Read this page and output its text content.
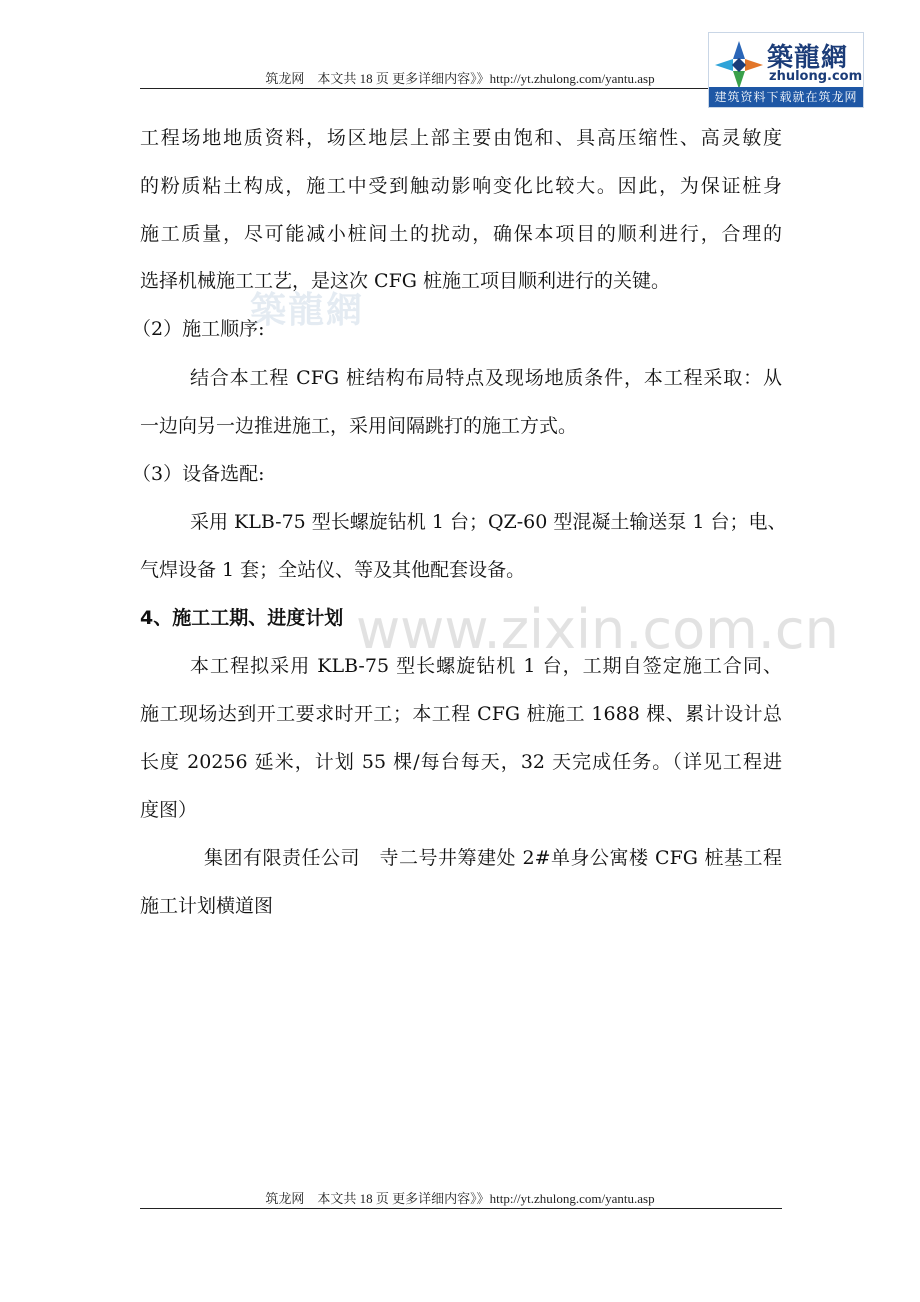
筑龙网　本文共 18 页 更多详细内容》》http://yt.zhulong.com/yantu.asp
築龍網
zhulong.com
建筑资料下载就在筑龙网
築龍網
www.zixin.com.cn
工程场地地质资料，场区地层上部主要由饱和、具高压缩性、高灵敏度
的粉质粘土构成，施工中受到触动影响变化比较大。因此，为保证桩身
施工质量，尽可能减小桩间土的扰动，确保本项目的顺利进行，合理的
选择机械施工工艺，是这次 CFG 桩施工项目顺利进行的关键。
（2）施工顺序:
结合本工程 CFG 桩结构布局特点及现场地质条件，本工程采取：从
一边向另一边推进施工，采用间隔跳打的施工方式。
（3）设备选配:
采用 KLB-75 型长螺旋钻机 1 台；QZ-60 型混凝土输送泵 1 台；电、
气焊设备 1 套；全站仪、等及其他配套设备。
4、施工工期、进度计划
本工程拟采用 KLB-75 型长螺旋钻机 1 台，工期自签定施工合同、
施工现场达到开工要求时开工；本工程 CFG 桩施工 1688 棵、累计设计总
长度 20256 延米，计划 55 棵/每台每天，32 天完成任务。（详见工程进
度图）
集团有限责任公司　寺二号井筹建处 2#单身公寓楼 CFG 桩基工程
施工计划横道图
筑龙网　本文共 18 页 更多详细内容》》http://yt.zhulong.com/yantu.asp
